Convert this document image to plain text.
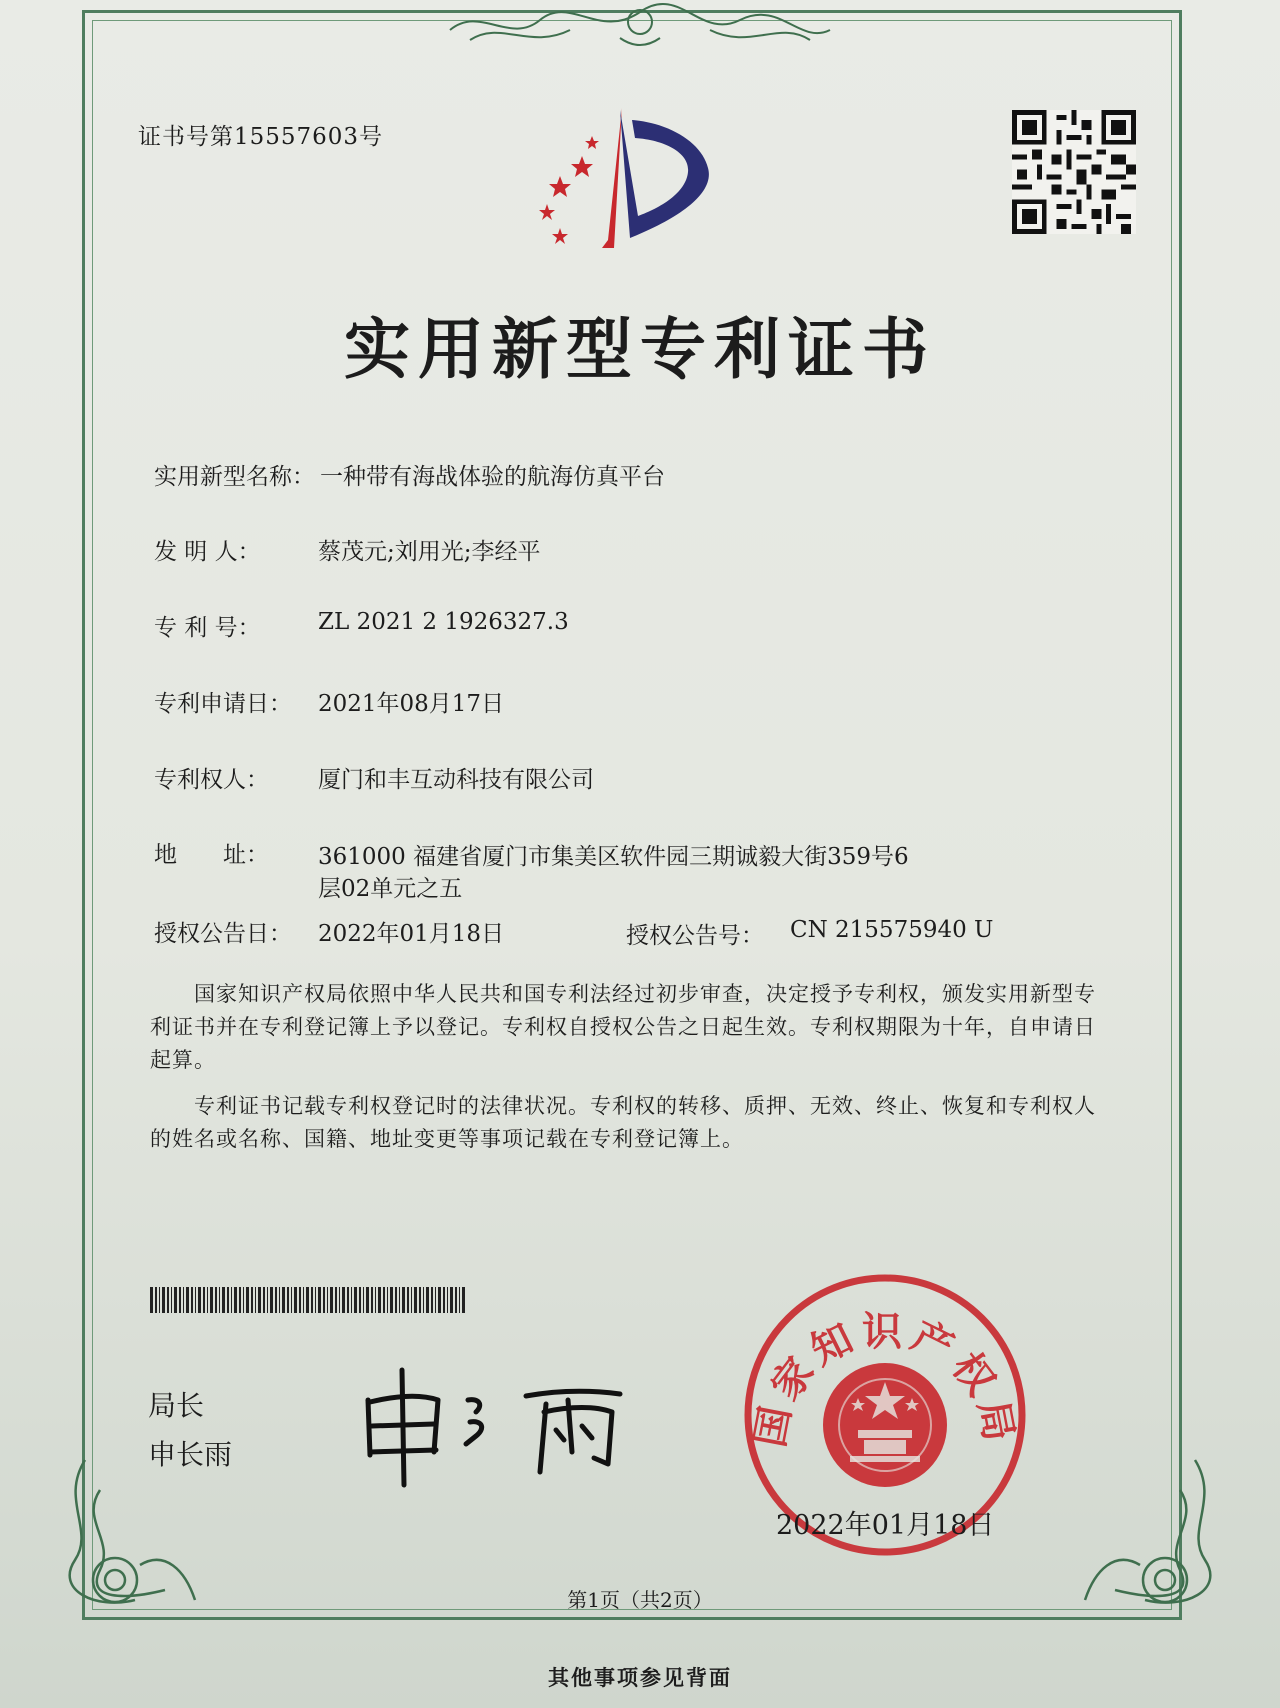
证书号第15557603号
实用新型专利证书
实用新型名称： 一种带有海战体验的航海仿真平台
发 明 人： 蔡茂元;刘用光;李经平
专 利 号： ZL 2021 2 1926327.3
专利申请日： 2021年08月17日
专利权人： 厦门和丰互动科技有限公司
地　　址： 361000 福建省厦门市集美区软件园三期诚毅大街359号6
层02单元之五
授权公告日： 2022年01月18日	授权公告号： CN 215575940 U
国家知识产权局依照中华人民共和国专利法经过初步审查，决定授予专利权，颁发实用新型专利证书并在专利登记簿上予以登记。专利权自授权公告之日起生效。专利权期限为十年，自申请日起算。
专利证书记载专利权登记时的法律状况。专利权的转移、质押、无效、终止、恢复和专利权人的姓名或名称、国籍、地址变更等事项记载在专利登记簿上。
局长
申长雨
国家知识产权局
2022年01月18日
第1页（共2页）
其他事项参见背面
